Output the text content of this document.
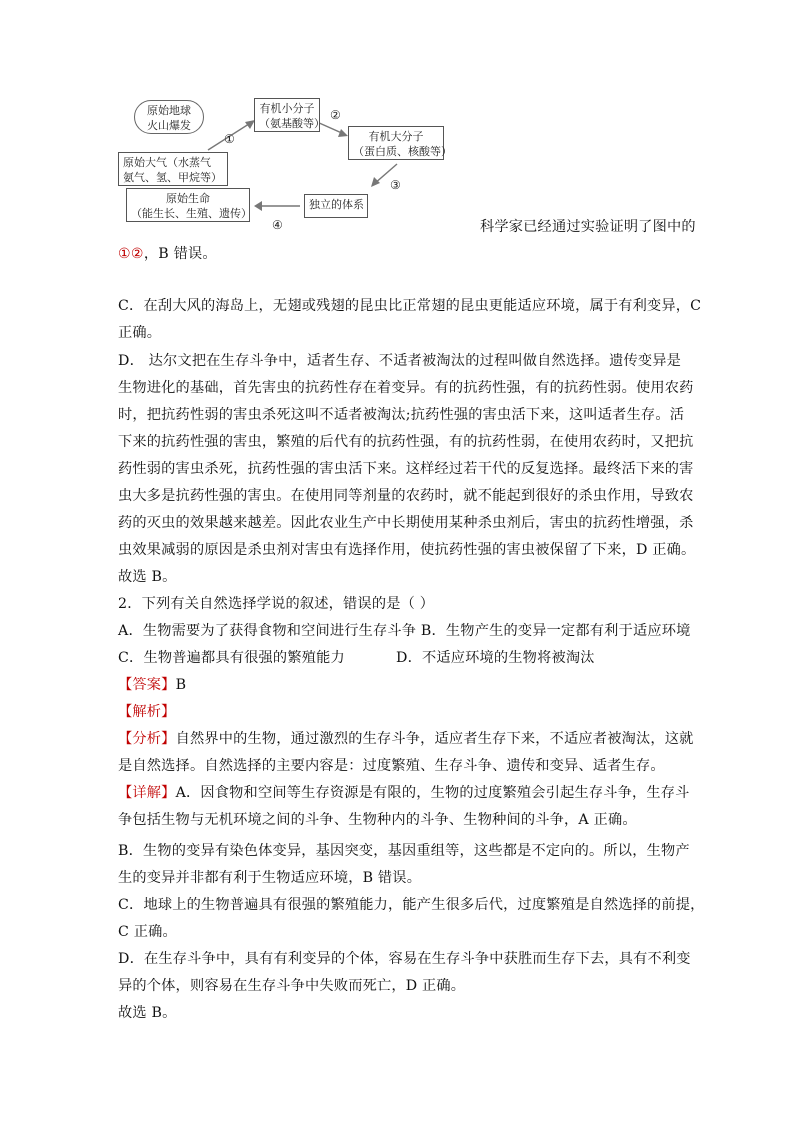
原始地球
火山爆发
原始大气（水蒸气
氨气、氢、甲烷等）
有机小分子
（氨基酸等）
有机大分子
（蛋白质、核酸等）
独立的体系
原始生命
（能生长、生殖、遗传）
①
②
③
④	科学家已经通过实验证明了图中的
①②，B 错误。
C．在刮大风的海岛上，无翅或残翅的昆虫比正常翅的昆虫更能适应环境，属于有利变异，C
正确。
D． 达尔文把在生存斗争中，适者生存、不适者被淘汰的过程叫做自然选择。遗传变异是
生物进化的基础，首先害虫的抗药性存在着变异。有的抗药性强，有的抗药性弱。使用农药
时，把抗药性弱的害虫杀死这叫不适者被淘汰;抗药性强的害虫活下来，这叫适者生存。活
下来的抗药性强的害虫，繁殖的后代有的抗药性强，有的抗药性弱，在使用农药时，又把抗
药性弱的害虫杀死，抗药性强的害虫活下来。这样经过若干代的反复选择。最终活下来的害
虫大多是抗药性强的害虫。在使用同等剂量的农药时，就不能起到很好的杀虫作用，导致农
药的灭虫的效果越来越差。因此农业生产中长期使用某种杀虫剂后，害虫的抗药性增强，杀
虫效果减弱的原因是杀虫剂对害虫有选择作用，使抗药性强的害虫被保留了下来，D 正确。
故选 B。
2．下列有关自然选择学说的叙述，错误的是（ ）
A．生物需要为了获得食物和空间进行生存斗争 B．生物产生的变异一定都有利于适应环境
C．生物普遍都具有很强的繁殖能力	D．不适应环境的生物将被淘汰
【答案】B
【解析】
【分析】自然界中的生物，通过激烈的生存斗争，适应者生存下来，不适应者被淘汰，这就
是自然选择。自然选择的主要内容是：过度繁殖、生存斗争、遗传和变异、适者生存。
【详解】A．因食物和空间等生存资源是有限的，生物的过度繁殖会引起生存斗争，生存斗
争包括生物与无机环境之间的斗争、生物种内的斗争、生物种间的斗争，A 正确。
B．生物的变异有染色体变异，基因突变，基因重组等，这些都是不定向的。所以，生物产
生的变异并非都有利于生物适应环境，B 错误。
C．地球上的生物普遍具有很强的繁殖能力，能产生很多后代，过度繁殖是自然选择的前提，
C 正确。
D．在生存斗争中，具有有利变异的个体，容易在生存斗争中获胜而生存下去，具有不利变
异的个体，则容易在生存斗争中失败而死亡，D 正确。
故选 B。
